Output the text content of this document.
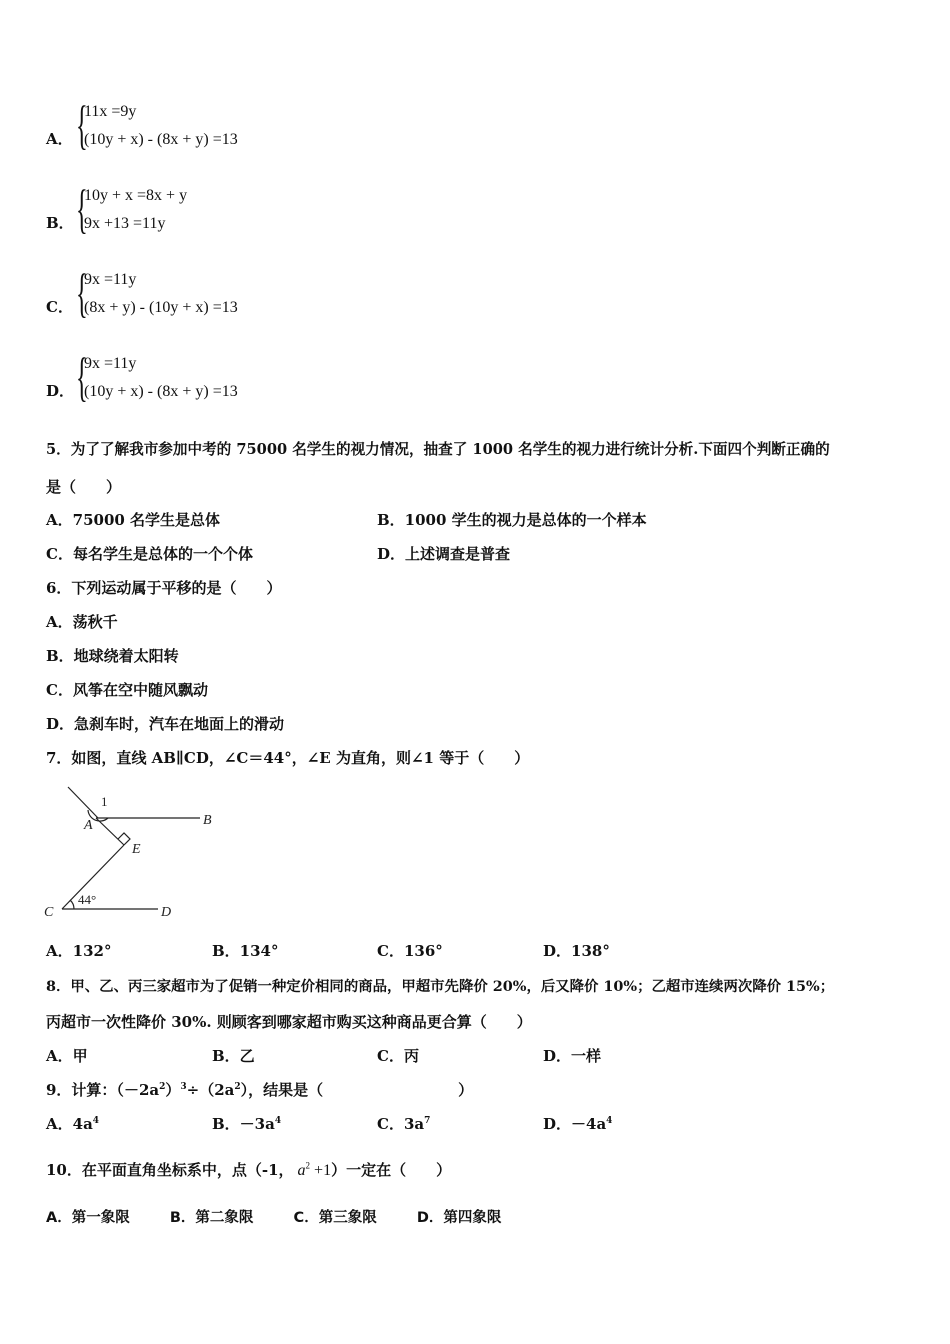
A． {
11x =9y
(10y + x) - (8x + y) =13
B． {
10y + x =8x + y
9x +13 =11y
C． {
9x =11y
(8x + y) - (10y + x) =13
D． {
9x =11y
(10y + x) - (8x + y) =13
5．为了了解我市参加中考的 75000 名学生的视力情况，抽查了 1000 名学生的视力进行统计分析.下面四个判断正确的
是（　　）
A．75000 名学生是总体	B．1000 学生的视力是总体的一个样本
C．每名学生是总体的一个个体	D．上述调查是普查
6．下列运动属于平移的是（　　）
A．荡秋千
B．地球绕着太阳转
C．风筝在空中随风飘动
D．急刹车时，汽车在地面上的滑动
7．如图，直线 AB∥CD，∠C＝44°，∠E 为直角，则∠1 等于（　　）
1
A	B
E
44°
C	D
A．132°	B．134°	C．136°	D．138°
8．甲、乙、丙三家超市为了促销一种定价相同的商品，甲超市先降价 20%，后又降价 10%；乙超市连续两次降价 15%；
丙超市一次性降价 30%. 则顾客到哪家超市购买这种商品更合算（　　）
A．甲	B．乙	C．丙	D．一样
9．计算：$(-2a^2)^3\div(2a^2)$，结果是（　　　　　　　　　）
A．$4a^4$	B．$-3a^4$	C．$3a^7$	D．$-4a^4$
10．在平面直角坐标系中，点（-1， $a^2 +1$）一定在（　　）
A．第一象限	B．第二象限	C．第三象限	D．第四象限
